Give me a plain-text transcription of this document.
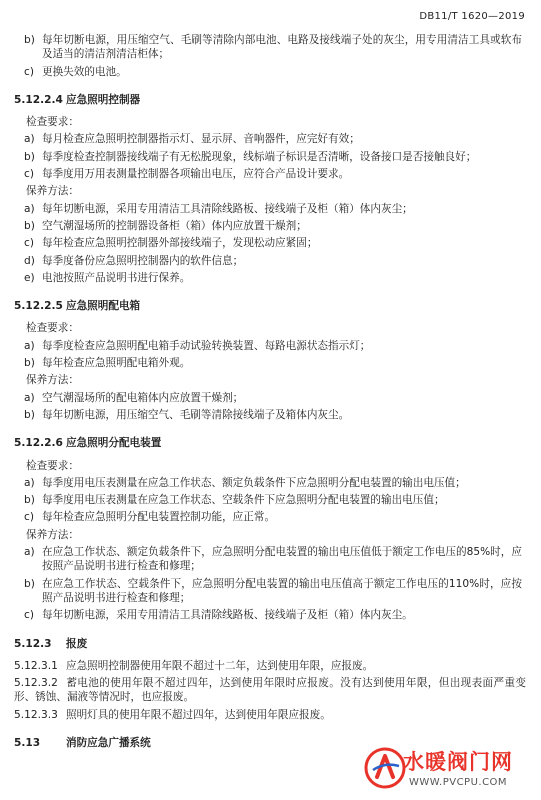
DB11/T 1620—2019
b) 每年切断电源，用压缩空气、毛刷等清除内部电池、电路及接线端子处的灰尘，用专用清洁工具或软布及适当的清洁剂清洁柜体；
c) 更换失效的电池。
5.12.2.4 应急照明控制器
检查要求：
a) 每月检查应急照明控制器指示灯、显示屏、音响器件，应完好有效；
b) 每季度检查控制器接线端子有无松脱现象，线标端子标识是否清晰，设备接口是否接触良好；
c) 每季度用万用表测量控制器各项输出电压，应符合产品设计要求。
保养方法：
a) 每年切断电源，采用专用清洁工具清除线路板、接线端子及柜（箱）体内灰尘；
b) 空气潮湿场所的控制器设备柜（箱）体内应放置干燥剂；
c) 每年检查应急照明控制器外部接线端子，发现松动应紧固；
d) 每季度备份应急照明控制器内的软件信息；
e) 电池按照产品说明书进行保养。
5.12.2.5 应急照明配电箱
检查要求：
a) 每季度检查应急照明配电箱手动试验转换装置、每路电源状态指示灯；
b) 每年检查应急照明配电箱外观。
保养方法：
a) 空气潮湿场所的配电箱体内应放置干燥剂；
b) 每年切断电源，用压缩空气、毛刷等清除接线端子及箱体内灰尘。
5.12.2.6 应急照明分配电装置
检查要求：
a) 每季度用电压表测量在应急工作状态、额定负载条件下应急照明分配电装置的输出电压值；
b) 每季度用电压表测量在应急工作状态、空载条件下应急照明分配电装置的输出电压值；
c) 每年检查应急照明分配电装置控制功能，应正常。
保养方法：
a) 在应急工作状态、额定负载条件下，应急照明分配电装置的输出电压值低于额定工作电压的85%时，应按照产品说明书进行检查和修理；
b) 在应急工作状态、空载条件下，应急照明分配电装置的输出电压值高于额定工作电压的110%时，应按照产品说明书进行检查和修理；
c) 每年切断电源，采用专用清洁工具清除线路板、接线端子及柜（箱）体内灰尘。
5.12.3 报废
5.12.3.1 应急照明控制器使用年限不超过十二年，达到使用年限，应报废。
5.12.3.2 蓄电池的使用年限不超过四年，达到使用年限时应报废。没有达到使用年限，但出现表面严重变形、锈蚀、漏液等情况时，也应报废。
5.12.3.3 照明灯具的使用年限不超过四年，达到使用年限应报废。
5.13 消防应急广播系统
水暖阀门网
WWW.PVCPU.COM
